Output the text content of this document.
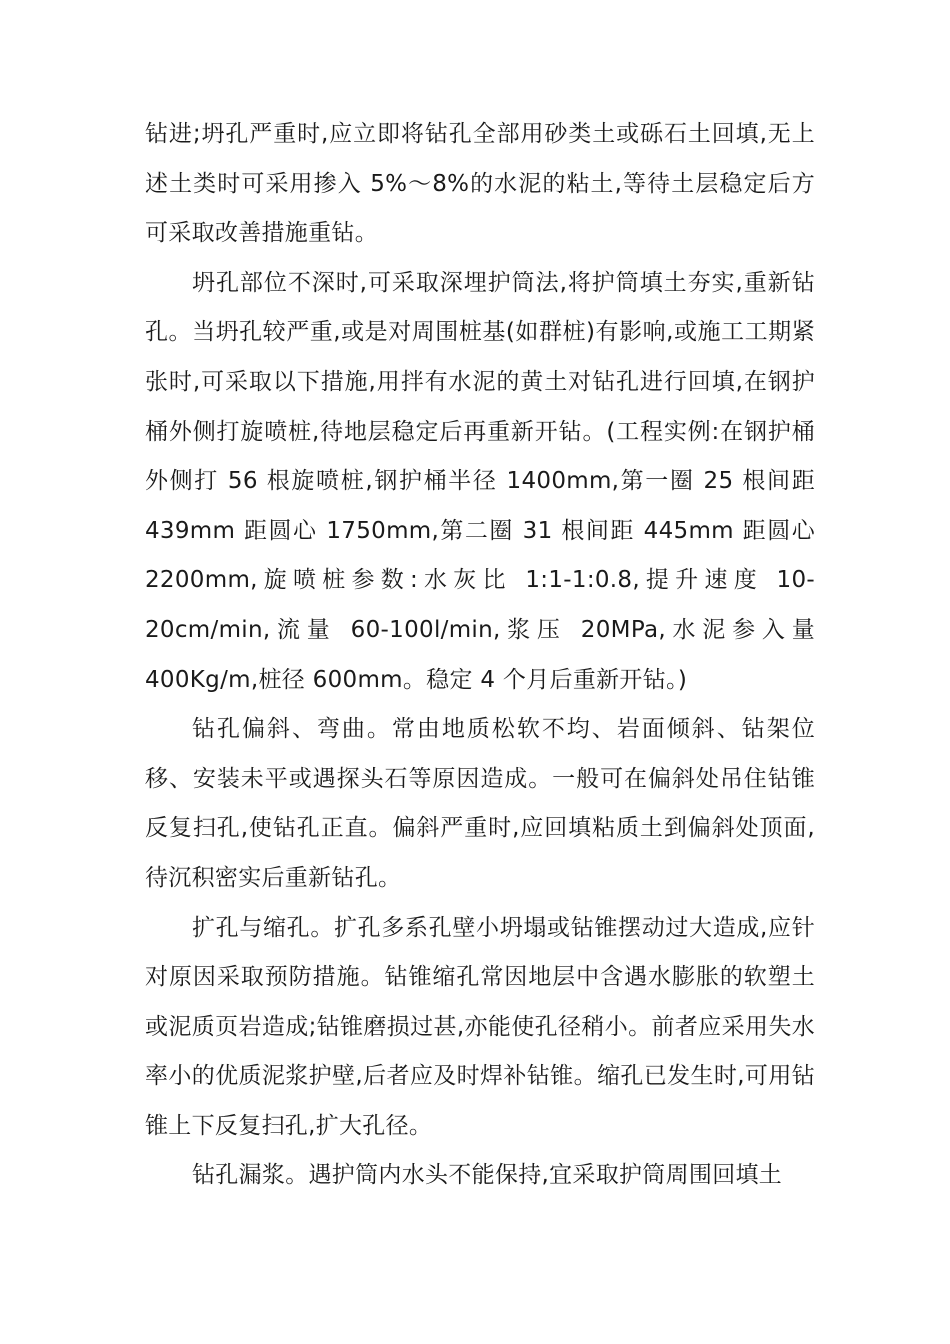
钻进;坍孔严重时,应立即将钻孔全部用砂类土或砾石土回填,无上述土类时可采用掺入 5%～8%的水泥的粘土,等待土层稳定后方可采取改善措施重钻。

坍孔部位不深时,可采取深埋护筒法,将护筒填土夯实,重新钻孔。当坍孔较严重,或是对周围桩基(如群桩)有影响,或施工工期紧张时,可采取以下措施,用拌有水泥的黄土对钻孔进行回填,在钢护桶外侧打旋喷桩,待地层稳定后再重新开钻。(工程实例:在钢护桶外侧打 56 根旋喷桩,钢护桶半径 1400mm,第一圈 25 根间距 439mm 距圆心 1750mm,第二圈 31 根间距 445mm 距圆心 2200mm,旋喷桩参数:水灰比 1:1-1:0.8,提升速度 10-20cm/min,流量 60-100l/min,浆压 20MPa,水泥参入量 400Kg/m,桩径 600mm。稳定 4 个月后重新开钻。)

钻孔偏斜、弯曲。常由地质松软不均、岩面倾斜、钻架位移、安装未平或遇探头石等原因造成。一般可在偏斜处吊住钻锥反复扫孔,使钻孔正直。偏斜严重时,应回填粘质土到偏斜处顶面,待沉积密实后重新钻孔。

扩孔与缩孔。扩孔多系孔壁小坍塌或钻锥摆动过大造成,应针对原因采取预防措施。钻锥缩孔常因地层中含遇水膨胀的软塑土或泥质页岩造成;钻锥磨损过甚,亦能使孔径稍小。前者应采用失水率小的优质泥浆护壁,后者应及时焊补钻锥。缩孔已发生时,可用钻锥上下反复扫孔,扩大孔径。

钻孔漏浆。遇护筒内水头不能保持,宜采取护筒周围回填土
